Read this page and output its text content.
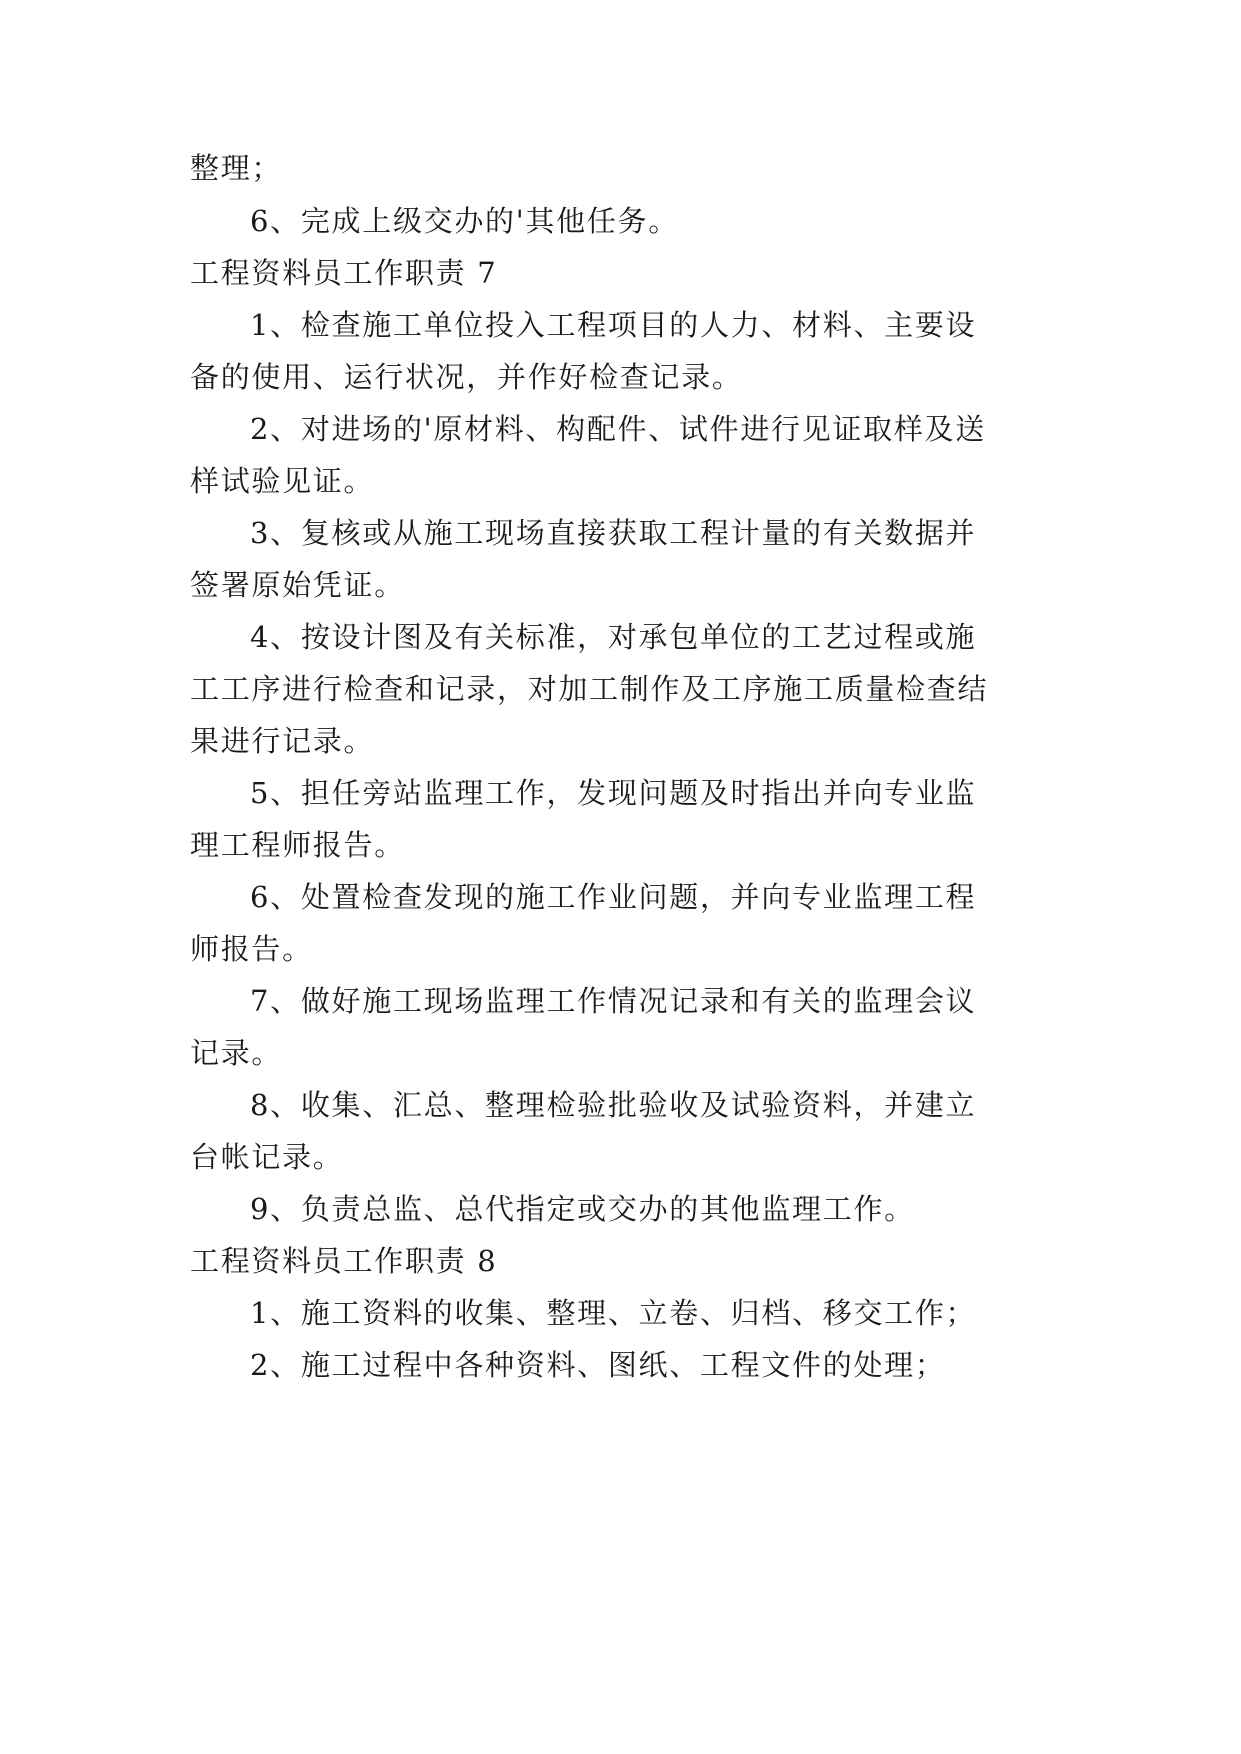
整理；
6、完成上级交办的'其他任务。
工程资料员工作职责 7
1、检查施工单位投入工程项目的人力、材料、主要设
备的使用、运行状况，并作好检查记录。
2、对进场的'原材料、构配件、试件进行见证取样及送
样试验见证。
3、复核或从施工现场直接获取工程计量的有关数据并
签署原始凭证。
4、按设计图及有关标准，对承包单位的工艺过程或施
工工序进行检查和记录，对加工制作及工序施工质量检查结
果进行记录。
5、担任旁站监理工作，发现问题及时指出并向专业监
理工程师报告。
6、处置检查发现的施工作业问题，并向专业监理工程
师报告。
7、做好施工现场监理工作情况记录和有关的监理会议
记录。
8、收集、汇总、整理检验批验收及试验资料，并建立
台帐记录。
9、负责总监、总代指定或交办的其他监理工作。
工程资料员工作职责 8
1、施工资料的收集、整理、立卷、归档、移交工作；
2、施工过程中各种资料、图纸、工程文件的处理；
